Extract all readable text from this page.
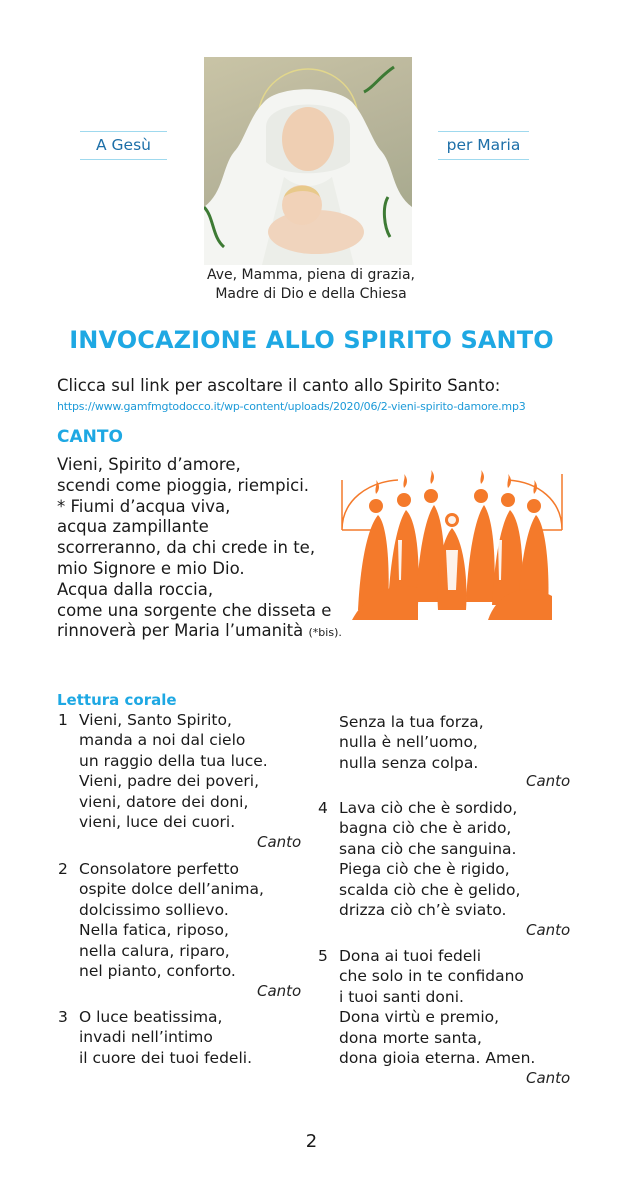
A Gesù	per Maria
Ave, Mamma, piena di grazia,
Madre di Dio e della Chiesa
INVOCAZIONE ALLO SPIRITO SANTO
Clicca sul link per ascoltare il canto allo Spirito Santo:
https://www.gamfmgtodocco.it/wp-content/uploads/2020/06/2-vieni-spirito-damore.mp3
CANTO
Vieni, Spirito d’amore,
scendi come pioggia, riempici.
* Fiumi d’acqua viva,
acqua zampillante
scorreranno, da chi crede in te,
mio Signore e mio Dio.
Acqua dalla roccia,
come una sorgente che disseta e
rinnoverà per Maria l’umanità (*bis).
Lettura corale
1 Vieni, Santo Spirito,
manda a noi dal cielo
un raggio della tua luce.
Vieni, padre dei poveri,
vieni, datore dei doni,
vieni, luce dei cuori.
Canto
2 Consolatore perfetto
ospite dolce dell’anima,
dolcissimo sollievo.
Nella fatica, riposo,
nella calura, riparo,
nel pianto, conforto.
Canto
3 O luce beatissima,
invadi nell’intimo
il cuore dei tuoi fedeli.
Senza la tua forza,
nulla è nell’uomo,
nulla senza colpa.
Canto
4 Lava ciò che è sordido,
bagna ciò che è arido,
sana ciò che sanguina.
Piega ciò che è rigido,
scalda ciò che è gelido,
drizza ciò ch’è sviato.
Canto
5 Dona ai tuoi fedeli
che solo in te confidano
i tuoi santi doni.
Dona virtù e premio,
dona morte santa,
dona gioia eterna. Amen.
Canto
2
